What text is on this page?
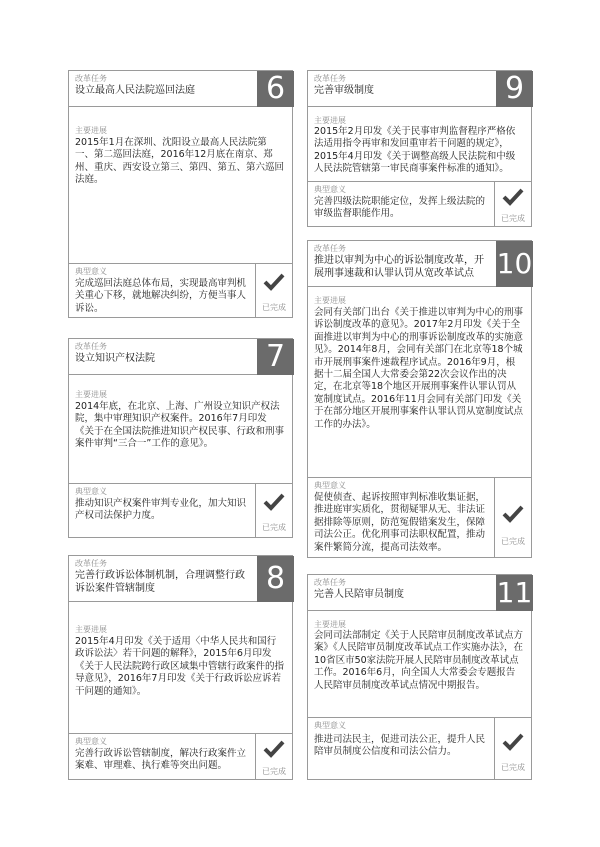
改革任务
设立最高人民法院巡回法庭	6
主要进展
2015年1月在深圳、沈阳设立最高人民法院第一、第二巡回法庭，2016年12月底在南京、郑州、重庆、西安设立第三、第四、第五、第六巡回法庭。
典型意义
完成巡回法庭总体布局，实现最高审判机关重心下移，就地解决纠纷，方便当事人诉讼。	已完成
改革任务
设立知识产权法院	7
主要进展
2014年底，在北京、上海、广州设立知识产权法院，集中审理知识产权案件。2016年7月印发《关于在全国法院推进知识产权民事、行政和刑事案件审判“三合一”工作的意见》。
典型意义
推动知识产权案件审判专业化，加大知识产权司法保护力度。
已完成
改革任务
完善行政诉讼体制机制，合理调整行政诉讼案件管辖制度	8
主要进展
2015年4月印发《关于适用〈中华人民共和国行政诉讼法〉若干问题的解释》，2015年6月印发《关于人民法院跨行政区域集中管辖行政案件的指导意见》，2016年7月印发《关于行政诉讼应诉若干问题的通知》。
典型意义
完善行政诉讼管辖制度，解决行政案件立案难、审理难、执行难等突出问题。
已完成
改革任务
完善审级制度	9
主要进展
2015年2月印发《关于民事审判监督程序严格依法适用指令再审和发回重审若干问题的规定》，2015年4月印发《关于调整高级人民法院和中级人民法院管辖第一审民商事案件标准的通知》。
典型意义
完善四级法院职能定位，发挥上级法院的审级监督职能作用。	已完成
改革任务
推进以审判为中心的诉讼制度改革，开展刑事速裁和认罪认罚从宽改革试点 10
主要进展
会同有关部门出台《关于推进以审判为中心的刑事诉讼制度改革的意见》。2017年2月印发《关于全面推进以审判为中心的刑事诉讼制度改革的实施意见》。2014年8月，会同有关部门在北京等18个城市开展刑事案件速裁程序试点。2016年9月，根据十二届全国人大常委会第22次会议作出的决定，在北京等18个地区开展刑事案件认罪认罚从宽制度试点。2016年11月会同有关部门印发《关于在部分地区开展刑事案件认罪认罚从宽制度试点工作的办法》。
典型意义
促使侦查、起诉按照审判标准收集证据，推进庭审实质化，贯彻疑罪从无、非法证据排除等原则，防范冤假错案发生，保障司法公正。优化刑事司法职权配置，推动案件繁简分流，提高司法效率。
已完成
改革任务
完善人民陪审员制度	11
主要进展
会同司法部制定《关于人民陪审员制度改革试点方案》《人民陪审员制度改革试点工作实施办法》，在10省区市50家法院开展人民陪审员制度改革试点工作。2016年6月，向全国人大常委会专题报告人民陪审员制度改革试点情况中期报告。
典型意义
推进司法民主，促进司法公正，提升人民陪审员制度公信度和司法公信力。
已完成
